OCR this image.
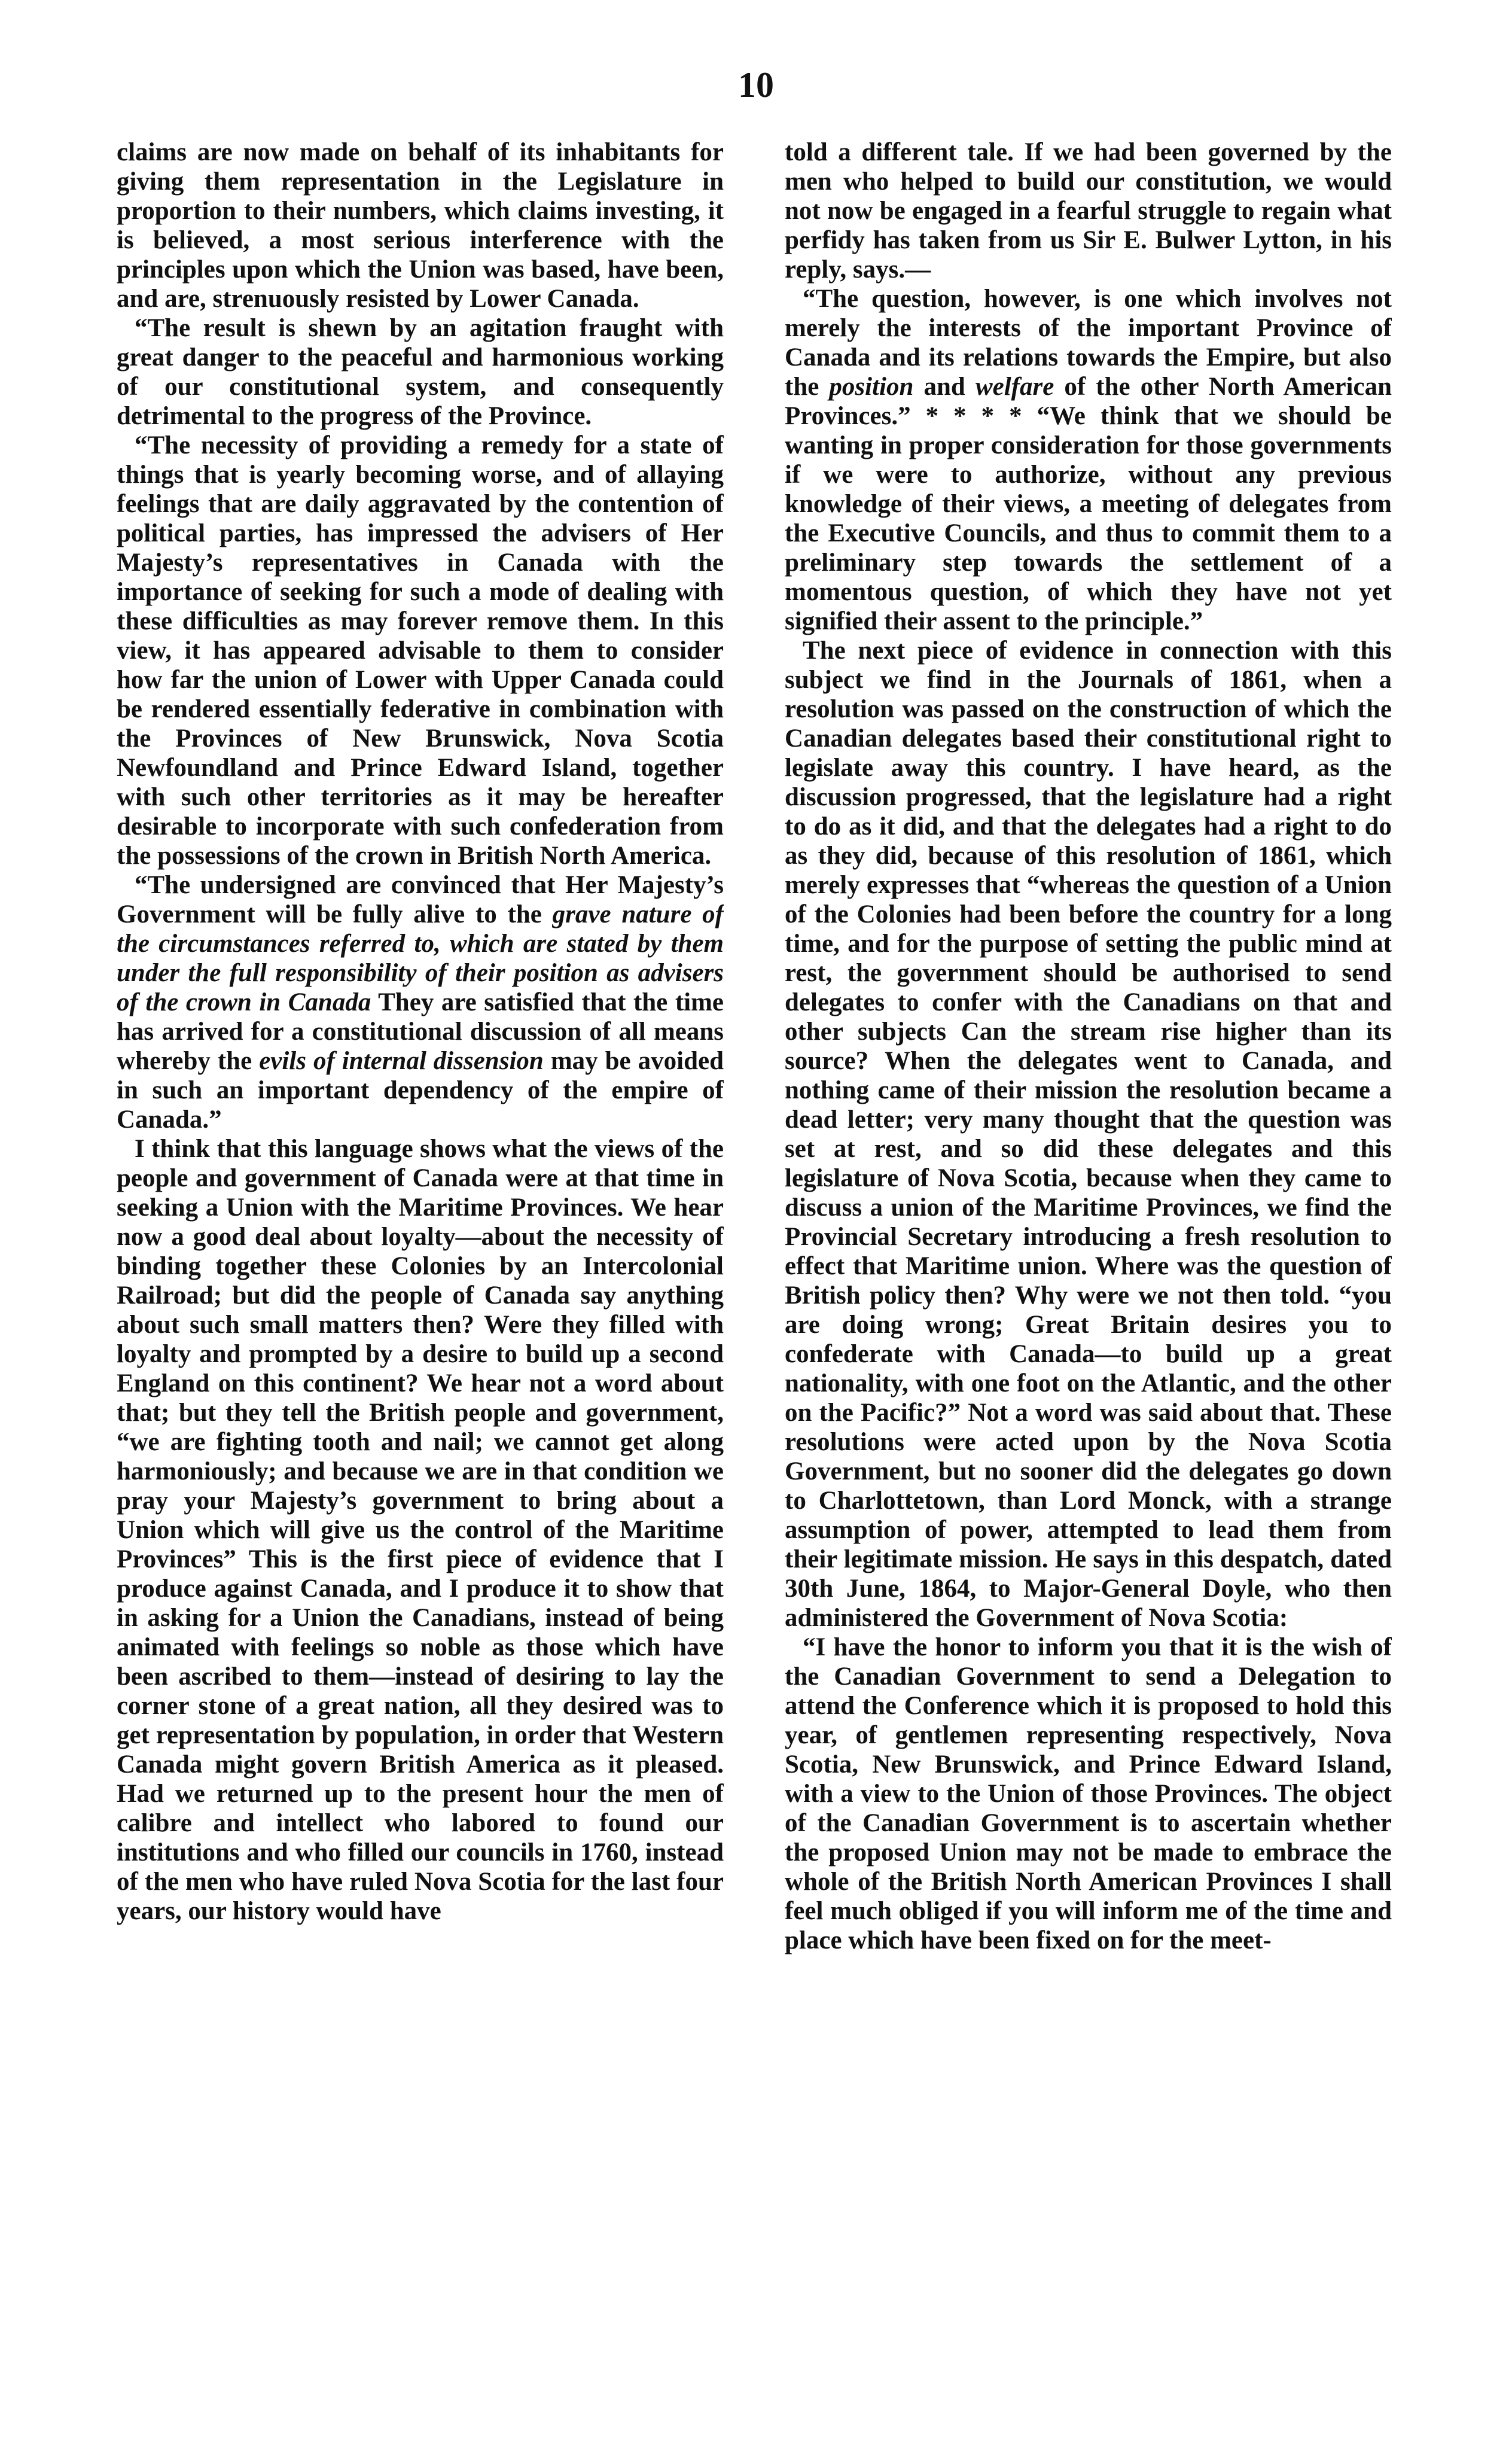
10

claims are now made on behalf of its inhabitants for giving them representation in the Legislature in proportion to their numbers, which claims investing, it is believed, a most serious interference with the principles upon which the Union was based, have been, and are, strenuously resisted by Lower Canada.

“The result is shewn by an agitation fraught with great danger to the peaceful and harmonious working of our constitutional system, and consequently detrimental to the progress of the Province.

“The necessity of providing a remedy for a state of things that is yearly becoming worse, and of allaying feelings that are daily aggravated by the contention of political parties, has impressed the advisers of Her Majesty’s representatives in Canada with the importance of seeking for such a mode of dealing with these difficulties as may forever remove them. In this view, it has appeared advisable to them to consider how far the union of Lower with Upper Canada could be rendered essentially federative in combination with the Provinces of New Brunswick, Nova Scotia Newfoundland and Prince Edward Island, together with such other territories as it may be hereafter desirable to incorporate with such confederation from the possessions of the crown in British North America.

“The undersigned are convinced that Her Majesty’s Government will be fully alive to the grave nature of the circumstances referred to, which are stated by them under the full responsibility of their position as advisers of the crown in Canada They are satisfied that the time has arrived for a constitutional discussion of all means whereby the evils of internal dissension may be avoided in such an important dependency of the empire of Canada.”

I think that this language shows what the views of the people and government of Canada were at that time in seeking a Union with the Maritime Provinces. We hear now a good deal about loyalty—about the necessity of binding together these Colonies by an Intercolonial Railroad; but did the people of Canada say anything about such small matters then? Were they filled with loyalty and prompted by a desire to build up a second England on this continent? We hear not a word about that; but they tell the British people and government, “we are fighting tooth and nail; we cannot get along harmoniously; and because we are in that condition we pray your Majesty’s government to bring about a Union which will give us the control of the Maritime Provinces” This is the first piece of evidence that I produce against Canada, and I produce it to show that in asking for a Union the Canadians, instead of being animated with feelings so noble as those which have been ascribed to them—instead of desiring to lay the corner stone of a great nation, all they desired was to get representation by population, in order that Western Canada might govern British America as it pleased. Had we returned up to the present hour the men of calibre and intellect who labored to found our institutions and who filled our councils in 1760, instead of the men who have ruled Nova Scotia for the last four years, our history would have

told a different tale. If we had been governed by the men who helped to build our constitution, we would not now be engaged in a fearful struggle to regain what perfidy has taken from us Sir E. Bulwer Lytton, in his reply, says.—

“The question, however, is one which involves not merely the interests of the important Province of Canada and its relations towards the Empire, but also the position and welfare of the other North American Provinces.” * * * * “We think that we should be wanting in proper consideration for those governments if we were to authorize, without any previous knowledge of their views, a meeting of delegates from the Executive Councils, and thus to commit them to a preliminary step towards the settlement of a momentous question, of which they have not yet signified their assent to the principle.”

The next piece of evidence in connection with this subject we find in the Journals of 1861, when a resolution was passed on the construction of which the Canadian delegates based their constitutional right to legislate away this country. I have heard, as the discussion progressed, that the legislature had a right to do as it did, and that the delegates had a right to do as they did, because of this resolution of 1861, which merely expresses that “whereas the question of a Union of the Colonies had been before the country for a long time, and for the purpose of setting the public mind at rest, the government should be authorised to send delegates to confer with the Canadians on that and other subjects Can the stream rise higher than its source? When the delegates went to Canada, and nothing came of their mission the resolution became a dead letter; very many thought that the question was set at rest, and so did these delegates and this legislature of Nova Scotia, because when they came to discuss a union of the Maritime Provinces, we find the Provincial Secretary introducing a fresh resolution to effect that Maritime union. Where was the question of British policy then? Why were we not then told. “you are doing wrong; Great Britain desires you to confederate with Canada—to build up a great nationality, with one foot on the Atlantic, and the other on the Pacific?” Not a word was said about that. These resolutions were acted upon by the Nova Scotia Government, but no sooner did the delegates go down to Charlottetown, than Lord Monck, with a strange assumption of power, attempted to lead them from their legitimate mission. He says in this despatch, dated 30th June, 1864, to Major-General Doyle, who then administered the Government of Nova Scotia:

“I have the honor to inform you that it is the wish of the Canadian Government to send a Delegation to attend the Conference which it is proposed to hold this year, of gentlemen representing respectively, Nova Scotia, New Brunswick, and Prince Edward Island, with a view to the Union of those Provinces. The object of the Canadian Government is to ascertain whether the proposed Union may not be made to embrace the whole of the British North American Provinces I shall feel much obliged if you will inform me of the time and place which have been fixed on for the meet-
